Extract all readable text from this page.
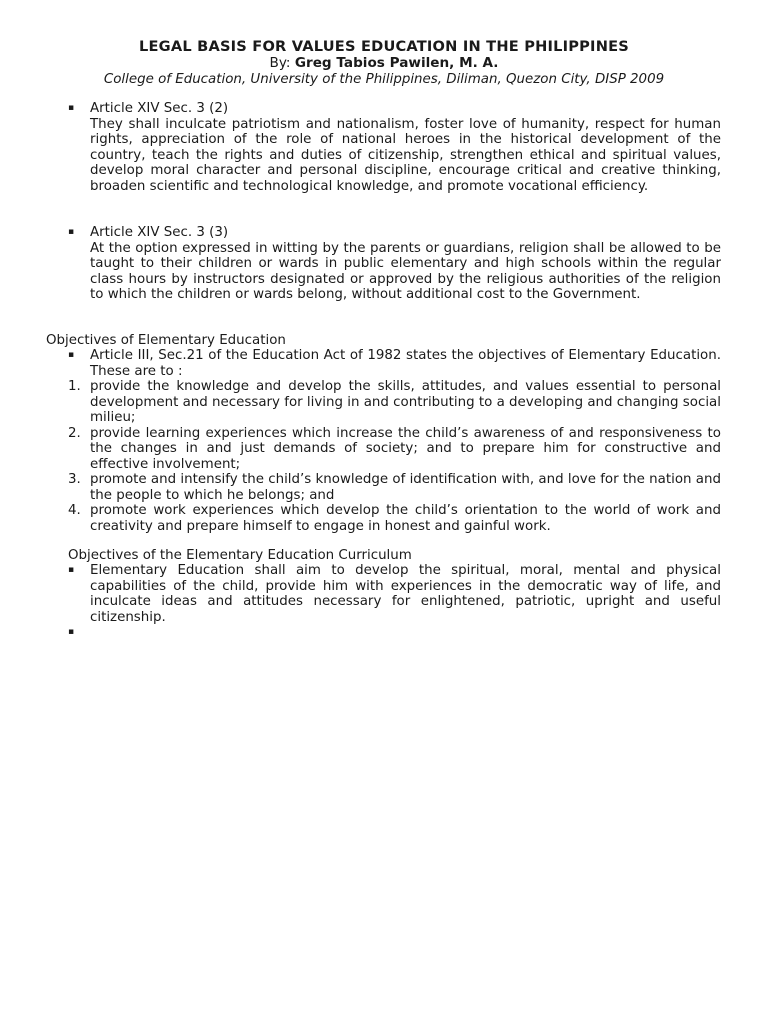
LEGAL BASIS FOR VALUES EDUCATION IN THE PHILIPPINES
By: Greg Tabios Pawilen, M. A.
College of Education, University of the Philippines, Diliman, Quezon City, DISP 2009
▪ Article XIV Sec. 3 (2)
They shall inculcate patriotism and nationalism, foster love of humanity, respect for human rights, appreciation of the role of national heroes in the historical development of the country, teach the rights and duties of citizenship, strengthen ethical and spiritual values, develop moral character and personal discipline, encourage critical and creative thinking, broaden scientific and technological knowledge, and promote vocational efficiency.
▪ Article XIV Sec. 3 (3)
At the option expressed in witting by the parents or guardians, religion shall be allowed to be taught to their children or wards in public elementary and high schools within the regular class hours by instructors designated or approved by the religious authorities of the religion to which the children or wards belong, without additional cost to the Government.
Objectives of Elementary Education
▪ Article III, Sec.21 of the Education Act of 1982 states the objectives of Elementary Education. These are to :
1. provide the knowledge and develop the skills, attitudes, and values essential to personal development and necessary for living in and contributing to a developing and changing social milieu;
2. provide learning experiences which increase the child’s awareness of and responsiveness to the changes in and just demands of society; and to prepare him for constructive and effective involvement;
3. promote and intensify the child’s knowledge of identification with, and love for the nation and the people to which he belongs; and
4. promote work experiences which develop the child’s orientation to the world of work and creativity and prepare himself to engage in honest and gainful work.
Objectives of the Elementary Education Curriculum
▪ Elementary Education shall aim to develop the spiritual, moral, mental and physical capabilities of the child, provide him with experiences in the democratic way of life, and inculcate ideas and attitudes necessary for enlightened, patriotic, upright and useful citizenship.
▪
